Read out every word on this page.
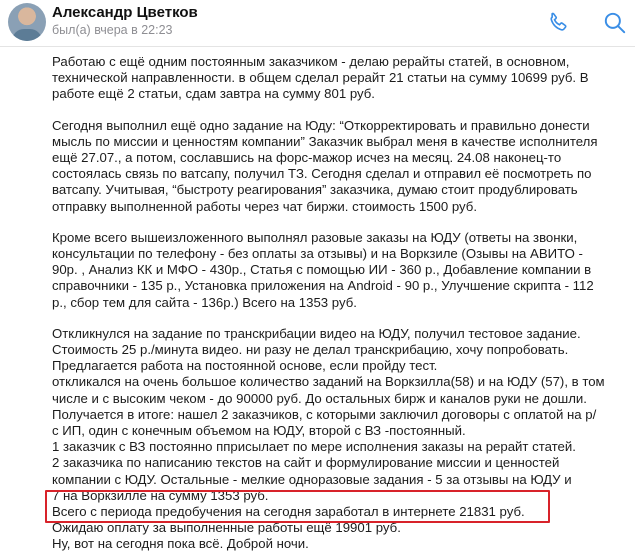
Александр Цветков
был(а) вчера в 22:23

Работаю с ещё одним постоянным заказчиком - делаю рерайты статей, в основном,
технической направленности. в общем сделал рерайт 21 статьи на сумму 10699 руб. В
работе ещё 2 статьи, сдам завтра на сумму 801 руб.

Сегодня выполнил ещё одно задание на Юду: “Откорректировать и правильно донести
мысль по миссии и ценностям компании” Заказчик выбрал меня в качестве исполнителя
ещё 27.07., а потом, сославшись на форс-мажор исчез на месяц. 24.08 наконец-то
состоялась связь по ватсапу, получил ТЗ. Сегодня сделал и отправил её посмотреть по
ватсапу. Учитывая, “быстроту реагирования” заказчика, думаю стоит продублировать
отправку выполненной работы через чат биржи. стоимость 1500 руб.

Кроме всего вышеизложенного выполнял разовые заказы на ЮДУ (ответы на звонки,
консультации по телефону - без оплаты за отзывы) и на Воркзиле (Озывы на АВИТО -
90р. , Анализ КК и МФО - 430р., Статья с помощью ИИ - 360 р., Добавление компании в
справочники - 135 р., Установка приложения на Android - 90 р., Улучшение скрипта - 112
р., сбор тем для сайта - 136р.) Всего на 1353 руб.

Откликнулся на задание по транскрибации видео на ЮДУ, получил тестовое задание.
Стоимость 25 р./минута видео. ни разу не делал транскрибацию, хочу попробовать.
Предлагается работа на постоянной основе, если пройду тест.
откликался на очень большое количество заданий на Воркзилла(58) и на ЮДУ (57), в том
числе и с высоким чеком - до 90000 руб. До остальных бирж и каналов руки не дошли.
Получается в итоге: нашел 2 заказчиков, с которыми заключил договоры с оплатой на р/
с ИП, один с конечным объемом на ЮДУ, второй с ВЗ -постоянный.
1 заказчик с ВЗ постоянно пприсылает по мере исполнения заказы на рерайт статей.
2 заказчика по написанию текстов на сайт и формулирование миссии и ценностей
компании с ЮДУ. Остальные - мелкие одноразовые задания - 5 за отзывы на ЮДУ и
7 на Воркзилле на сумму 1353 руб.
Всего с периода предобучения на сегодня заработал в интернете 21831 руб.
Ожидаю оплату за выполненные работы ещё 19901 руб.
Ну, вот на сегодня пока всё. Доброй ночи.
